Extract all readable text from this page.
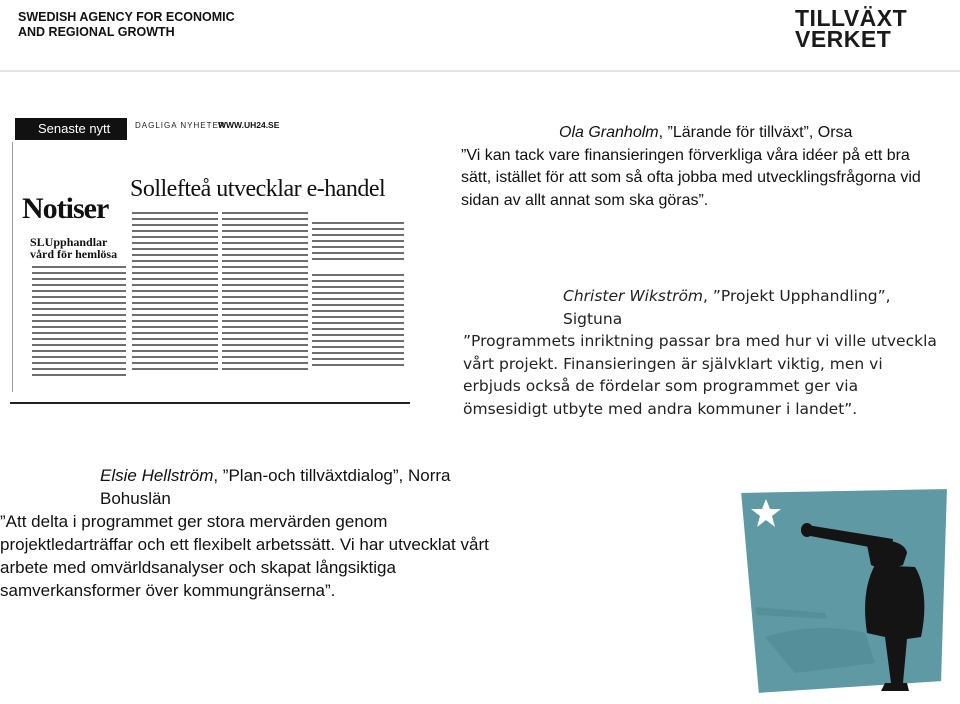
SWEDISH AGENCY FOR ECONOMIC
AND REGIONAL GROWTH
TILLVÄXT
VERKET
Senaste nytt	DAGLIGA NYHETER
WWW.UH24.SE
Notiser
SLUpphandlar vård för hemlösa
Sollefteå utvecklar e-handel
Ola Granholm, ”Lärande för tillväxt”, Orsa
”Vi kan tack vare finansieringen förverkliga våra idéer på ett bra sätt, istället för att som så ofta jobba med utvecklingsfrågorna vid sidan av allt annat som ska göras”.
Christer Wikström, ”Projekt Upphandling”, Sigtuna
”Programmets inriktning passar bra med hur vi ville utveckla vårt projekt. Finansieringen är självklart viktig, men vi erbjuds också de fördelar som programmet ger via ömsesidigt utbyte med andra kommuner i landet”.
Elsie Hellström, ”Plan-och tillväxtdialog”, Norra Bohuslän
”Att delta i programmet ger stora mervärden genom projektledarträffar och ett flexibelt arbetssätt. Vi har utvecklat vårt arbete med omvärldsanalyser och skapat långsiktiga samverkansformer över kommungränserna”.
